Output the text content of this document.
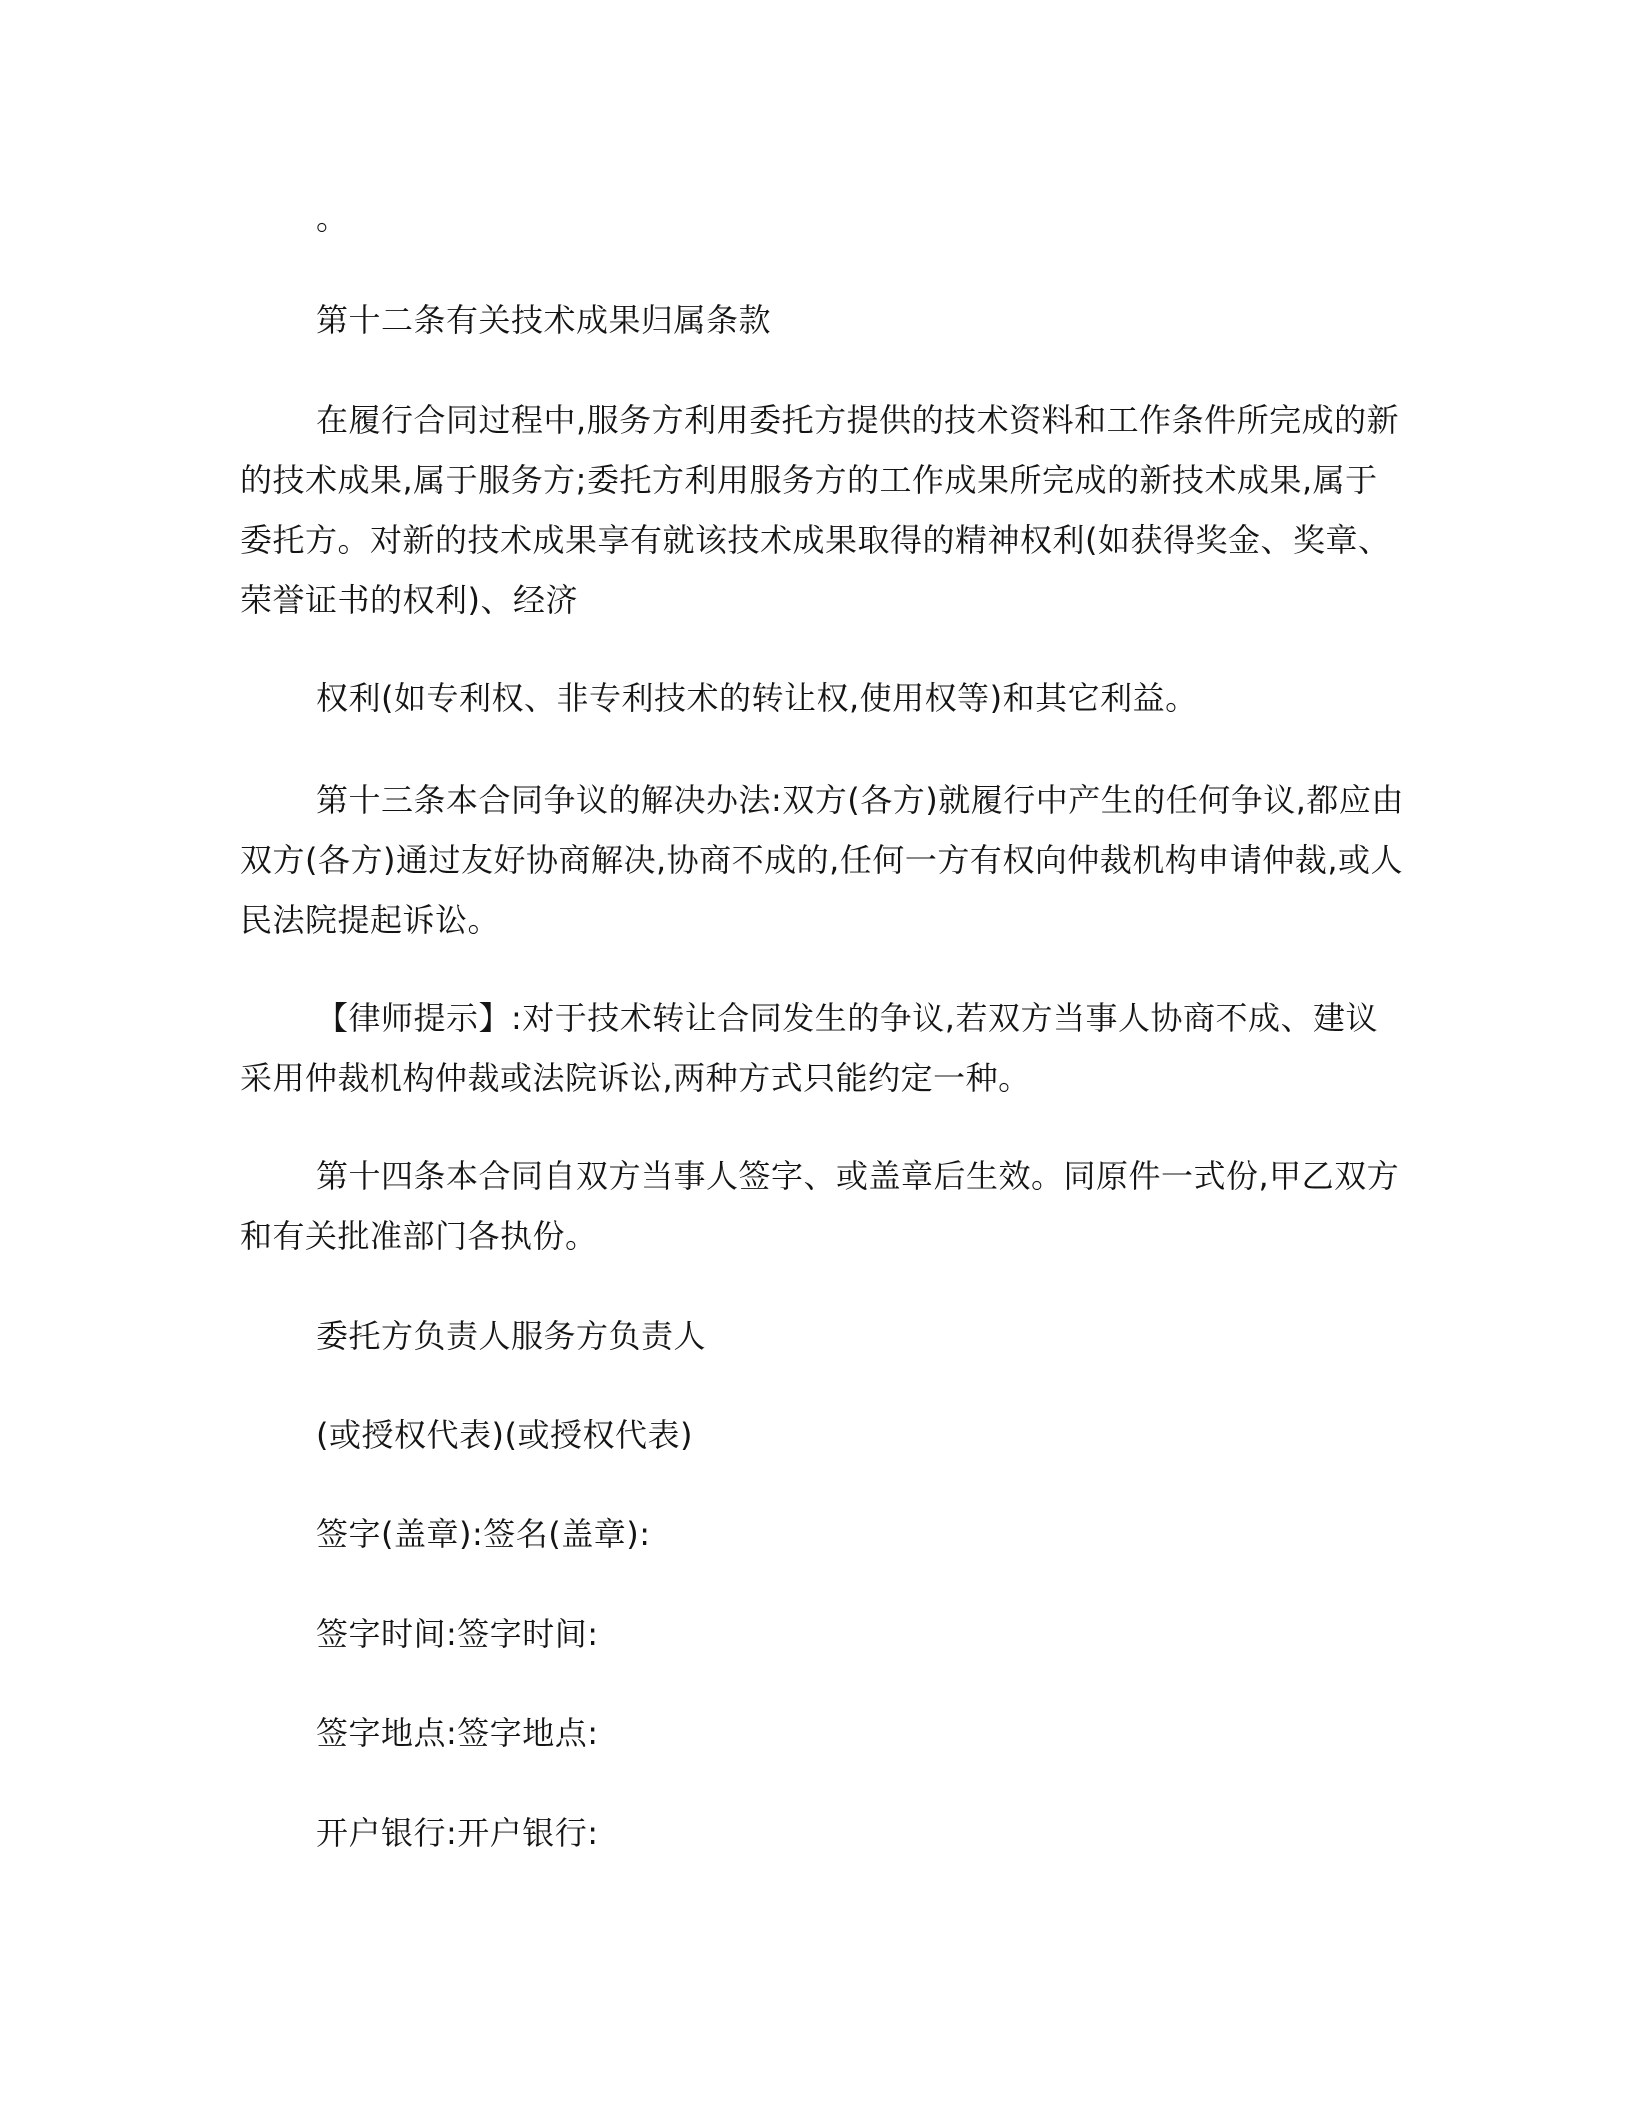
。

第十二条有关技术成果归属条款

在履行合同过程中,服务方利用委托方提供的技术资料和工作条件所完成的新的技术成果,属于服务方;委托方利用服务方的工作成果所完成的新技术成果,属于委托方。对新的技术成果享有就该技术成果取得的精神权利(如获得奖金、奖章、荣誉证书的权利)、经济

权利(如专利权、非专利技术的转让权,使用权等)和其它利益。

第十三条本合同争议的解决办法:双方(各方)就履行中产生的任何争议,都应由双方(各方)通过友好协商解决,协商不成的,任何一方有权向仲裁机构申请仲裁,或人民法院提起诉讼。

【律师提示】:对于技术转让合同发生的争议,若双方当事人协商不成、建议采用仲裁机构仲裁或法院诉讼,两种方式只能约定一种。

第十四条本合同自双方当事人签字、或盖章后生效。同原件一式份,甲乙双方和有关批准部门各执份。

委托方负责人服务方负责人

(或授权代表)(或授权代表)

签字(盖章):签名(盖章):

签字时间:签字时间:

签字地点:签字地点:

开户银行:开户银行:
